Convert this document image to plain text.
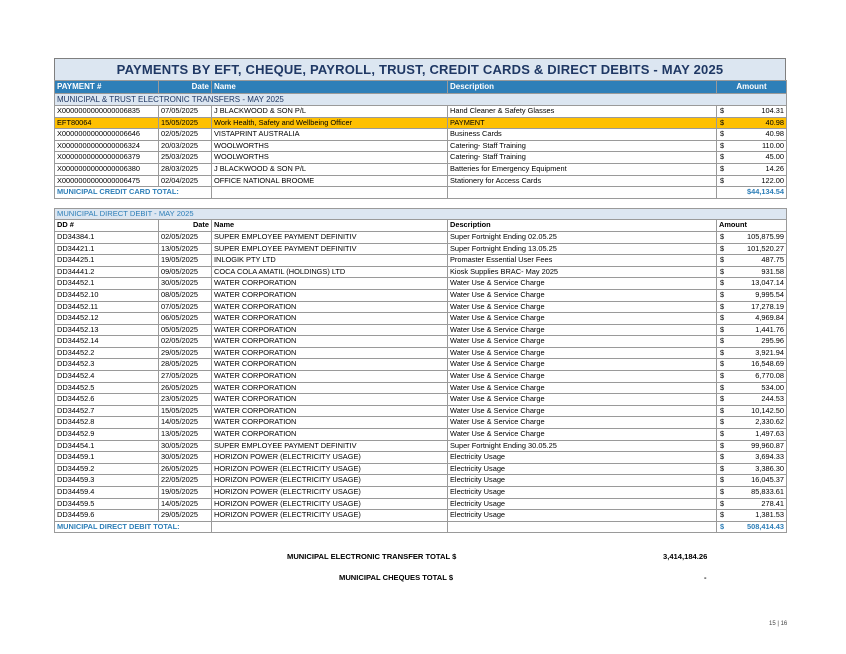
PAYMENTS BY EFT, CHEQUE, PAYROLL, TRUST, CREDIT CARDS & DIRECT DEBITS - MAY 2025
PAYMENT #	Date	Name	Description	Amount
MUNICIPAL & TRUST ELECTRONIC TRANSFERS - MAY 2025				
X0000000000000006835	07/05/2025	J BLACKWOOD & SON P/L	Hand Cleaner & Safety Glasses	$ 104.31

EFT80064	15/05/2025	Work Health, Safety and Wellbeing Officer	PAYMENT	$ 40.98

X0000000000000006646	02/05/2025	VISTAPRINT AUSTRALIA	Business Cards	$ 40.98

X0000000000000006324	20/03/2025	WOOLWORTHS	Catering- Staff Training	$ 110.00

X0000000000000006379	25/03/2025	WOOLWORTHS	Catering- Staff Training	$ 45.00

X0000000000000006380	28/03/2025	J BLACKWOOD & SON P/L	Batteries for Emergency Equipment	$ 14.26

X0000000000000006475	02/04/2025	OFFICE NATIONAL BROOME	Stationery for Access Cards	$ 122.00

MUNICIPAL CREDIT CARD TOTAL:				$44,134.54
MUNICIPAL DIRECT DEBIT - MAY 2025				
DD #	Date	Name	Description	Amount
DD34384.1	02/05/2025	SUPER EMPLOYEE PAYMENT DEFINITIV	Super Fortnight Ending 02.05.25	$ 105,875.99

DD34421.1	13/05/2025	SUPER EMPLOYEE PAYMENT DEFINITIV	Super Fortnight Ending 13.05.25	$ 101,520.27

DD34425.1	19/05/2025	INLOGIK PTY LTD	Promaster Essential User Fees	$ 487.75

DD34441.2	09/05/2025	COCA COLA AMATIL (HOLDINGS) LTD	Kiosk Supplies BRAC- May 2025	$ 931.58

DD34452.1	30/05/2025	WATER CORPORATION	Water Use & Service Charge	$ 13,047.14

DD34452.10	08/05/2025	WATER CORPORATION	Water Use & Service Charge	$ 9,995.54

DD34452.11	07/05/2025	WATER CORPORATION	Water Use & Service Charge	$ 17,278.19

DD34452.12	06/05/2025	WATER CORPORATION	Water Use & Service Charge	$ 4,969.84

DD34452.13	05/05/2025	WATER CORPORATION	Water Use & Service Charge	$ 1,441.76

DD34452.14	02/05/2025	WATER CORPORATION	Water Use & Service Charge	$ 295.96

DD34452.2	29/05/2025	WATER CORPORATION	Water Use & Service Charge	$ 3,921.94

DD34452.3	28/05/2025	WATER CORPORATION	Water Use & Service Charge	$ 16,548.69

DD34452.4	27/05/2025	WATER CORPORATION	Water Use & Service Charge	$ 6,770.08

DD34452.5	26/05/2025	WATER CORPORATION	Water Use & Service Charge	$ 534.00

DD34452.6	23/05/2025	WATER CORPORATION	Water Use & Service Charge	$ 244.53

DD34452.7	15/05/2025	WATER CORPORATION	Water Use & Service Charge	$ 10,142.50

DD34452.8	14/05/2025	WATER CORPORATION	Water Use & Service Charge	$ 2,330.62

DD34452.9	13/05/2025	WATER CORPORATION	Water Use & Service Charge	$ 1,497.63

DD34454.1	30/05/2025	SUPER EMPLOYEE PAYMENT DEFINITIV	Super Fortnight Ending 30.05.25	$ 99,960.87

DD34459.1	30/05/2025	HORIZON POWER (ELECTRICITY USAGE)	Electricity Usage	$ 3,694.33

DD34459.2	26/05/2025	HORIZON POWER (ELECTRICITY USAGE)	Electricity Usage	$ 3,386.30

DD34459.3	22/05/2025	HORIZON POWER (ELECTRICITY USAGE)	Electricity Usage	$ 16,045.37

DD34459.4	19/05/2025	HORIZON POWER (ELECTRICITY USAGE)	Electricity Usage	$ 85,833.61

DD34459.5	14/05/2025	HORIZON POWER (ELECTRICITY USAGE)	Electricity Usage	$ 278.41

DD34459.6	29/05/2025	HORIZON POWER (ELECTRICITY USAGE)	Electricity Usage	$ 1,381.53

MUNICIPAL DIRECT DEBIT TOTAL:				$ 508,414.43
MUNICIPAL ELECTRONIC TRANSFER TOTAL $	3,414,184.26
MUNICIPAL CHEQUES TOTAL $	-
15 | 16
